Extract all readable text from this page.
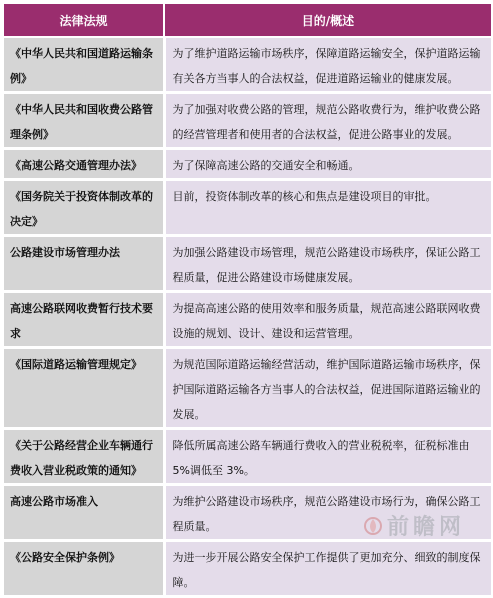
法律法规	目的/概述
《中华人民共和国道路运输条例》	为了维护道路运输市场秩序，保障道路运输安全，保护道路运输有关各方当事人的合法权益，促进道路运输业的健康发展。
《中华人民共和国收费公路管理条例》	为了加强对收费公路的管理，规范公路收费行为，维护收费公路的经营管理者和使用者的合法权益，促进公路事业的发展。
《高速公路交通管理办法》	为了保障高速公路的交通安全和畅通。
《国务院关于投资体制改革的决定》	目前，投资体制改革的核心和焦点是建设项目的审批。
公路建设市场管理办法	为加强公路建设市场管理，规范公路建设市场秩序，保证公路工程质量，促进公路建设市场健康发展。
高速公路联网收费暂行技术要求	为提高高速公路的使用效率和服务质量，规范高速公路联网收费设施的规划、设计、建设和运营管理。
《国际道路运输管理规定》	为规范国际道路运输经营活动，维护国际道路运输市场秩序，保护国际道路运输各方当事人的合法权益，促进国际道路运输业的发展。
《关于公路经营企业车辆通行费收入营业税政策的通知》	降低所属高速公路车辆通行费收入的营业税税率，征税标准由 5%调低至 3%。
高速公路市场准入	为维护公路建设市场秩序，规范公路建设市场行为，确保公路工程质量。
《公路安全保护条例》	为进一步开展公路安全保护工作提供了更加充分、细致的制度保障。
前瞻网
